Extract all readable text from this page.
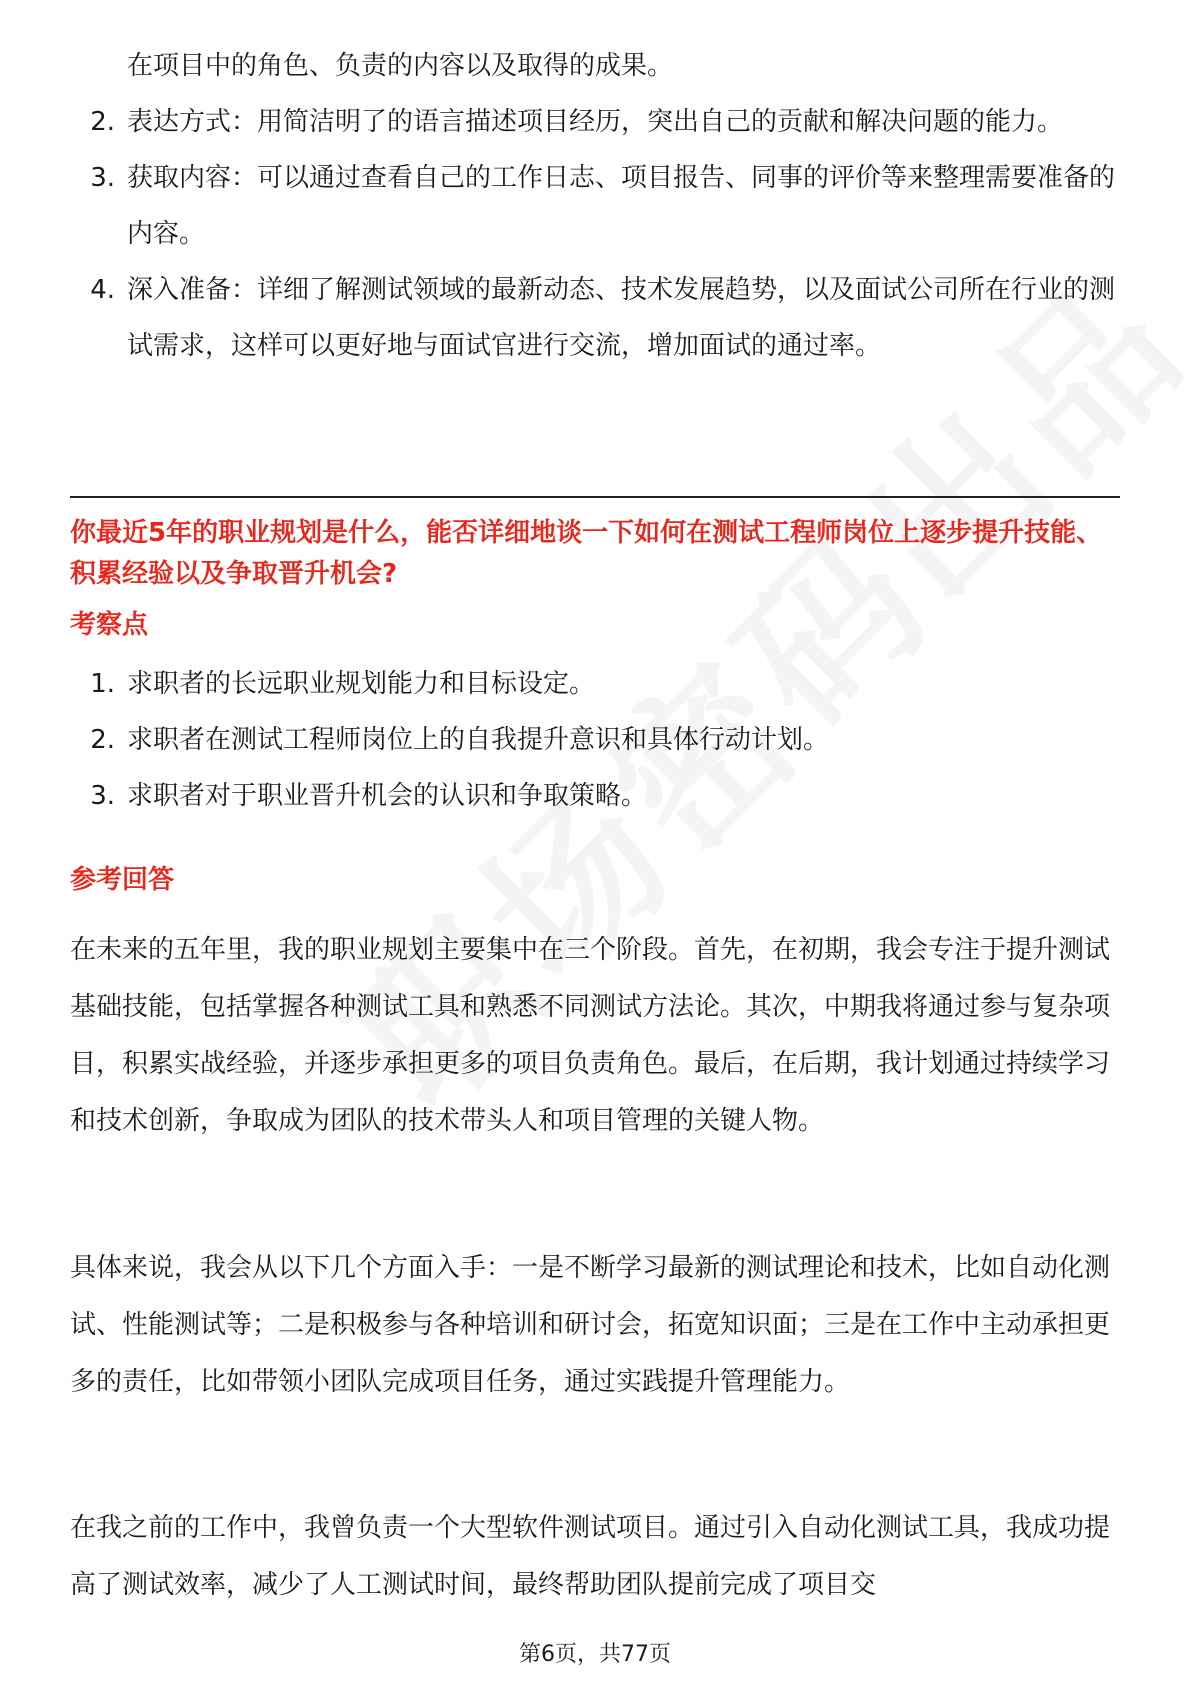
在项目中的角色、负责的内容以及取得的成果。
2. 表达方式：用简洁明了的语言描述项目经历，突出自己的贡献和解决问题的能力。
3. 获取内容：可以通过查看自己的工作日志、项目报告、同事的评价等来整理需要准备的内容。
4. 深入准备：详细了解测试领域的最新动态、技术发展趋势，以及面试公司所在行业的测试需求，这样可以更好地与面试官进行交流，增加面试的通过率。
你最近5年的职业规划是什么，能否详细地谈一下如何在测试工程师岗位上逐步提升技能、积累经验以及争取晋升机会?
考察点
1. 求职者的长远职业规划能力和目标设定。
2. 求职者在测试工程师岗位上的自我提升意识和具体行动计划。
3. 求职者对于职业晋升机会的认识和争取策略。
参考回答
在未来的五年里，我的职业规划主要集中在三个阶段。首先，在初期，我会专注于提升测试基础技能，包括掌握各种测试工具和熟悉不同测试方法论。其次，中期我将通过参与复杂项目，积累实战经验，并逐步承担更多的项目负责角色。最后，在后期，我计划通过持续学习和技术创新，争取成为团队的技术带头人和项目管理的关键人物。
具体来说，我会从以下几个方面入手：一是不断学习最新的测试理论和技术，比如自动化测试、性能测试等；二是积极参与各种培训和研讨会，拓宽知识面；三是在工作中主动承担更多的责任，比如带领小团队完成项目任务，通过实践提升管理能力。
在我之前的工作中，我曾负责一个大型软件测试项目。通过引入自动化测试工具，我成功提高了测试效率，减少了人工测试时间，最终帮助团队提前完成了项目交
第6页，共77页
